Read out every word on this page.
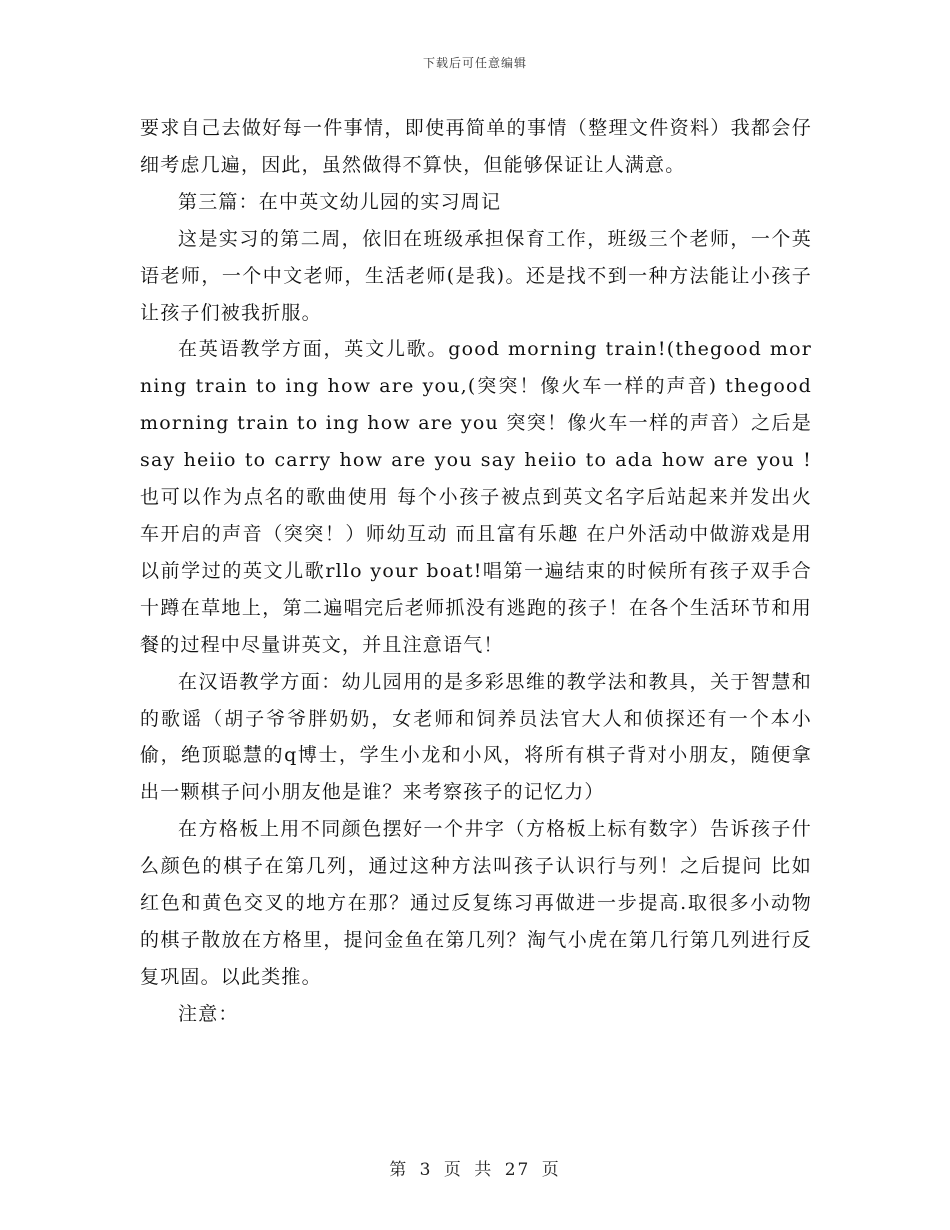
下载后可任意编辑

要求自己去做好每一件事情，即使再简单的事情（整理文件资料）我都会仔细考虑几遍，因此，虽然做得不算快，但能够保证让人满意。

第三篇：在中英文幼儿园的实习周记

这是实习的第二周，依旧在班级承担保育工作，班级三个老师，一个英语老师，一个中文老师，生活老师(是我)。还是找不到一种方法能让小孩子让孩子们被我折服。

在英语教学方面，英文儿歌。good morning train!(thegood morning train to ing how are you,(突突！像火车一样的声音) thegood morning train to ing how are you 突突！像火车一样的声音）之后是say heiio to carry how are you say heiio to ada how are you !也可以作为点名的歌曲使用 每个小孩子被点到英文名字后站起来并发出火车开启的声音（突突！）师幼互动 而且富有乐趣 在户外活动中做游戏是用以前学过的英文儿歌rllo your boat!唱第一遍结束的时候所有孩子双手合十蹲在草地上，第二遍唱完后老师抓没有逃跑的孩子！在各个生活环节和用餐的过程中尽量讲英文，并且注意语气！

在汉语教学方面：幼儿园用的是多彩思维的教学法和教具，关于智慧和的歌谣（胡子爷爷胖奶奶，女老师和饲养员法官大人和侦探还有一个本小偷，绝顶聪慧的q博士，学生小龙和小风，将所有棋子背对小朋友，随便拿出一颗棋子问小朋友他是谁？来考察孩子的记忆力）

在方格板上用不同颜色摆好一个井字（方格板上标有数字）告诉孩子什么颜色的棋子在第几列，通过这种方法叫孩子认识行与列！之后提问 比如红色和黄色交叉的地方在那？通过反复练习再做进一步提高.取很多小动物的棋子散放在方格里，提问金鱼在第几列？淘气小虎在第几行第几列进行反复巩固。以此类推。

注意：

第 3 页 共 27 页
